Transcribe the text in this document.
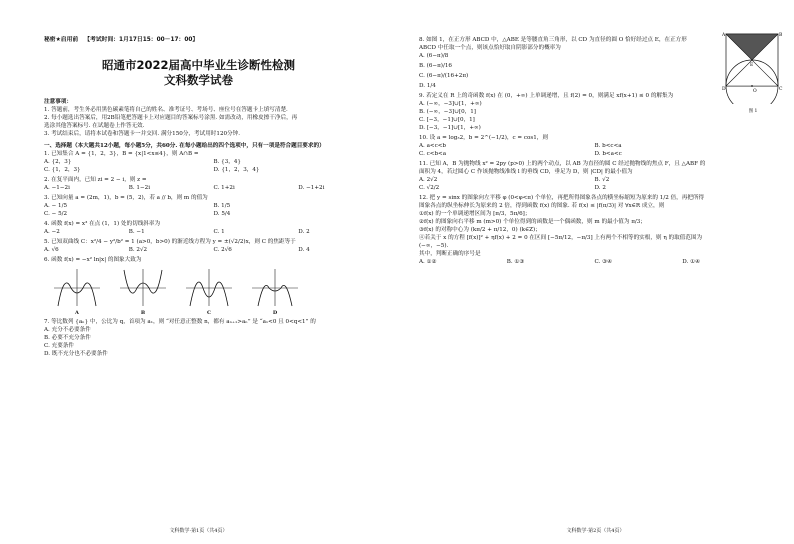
秘密★启用前 【考试时间：1月17日15：00－17：00】
昭通市2022届高中毕业生诊断性检测
文科数学试卷
注意事项：
1. 答题前，考生务必用黑色碳素笔将自己的姓名、准考证号、考场号、座位号在答题卡上填写清楚.
2. 每小题选出答案后，用2B铅笔把答题卡上对应题目的答案标号涂黑. 如需改动，用橡皮擦干净后，再
选涂其他答案标号. 在试题卷上作答无效.
3. 考试结束后，请将本试卷和答题卡一并交回. 满分150分，考试用时120分钟.
一、选择题（本大题共12小题，每小题5分，共60分. 在每小题给出的四个选项中，只有一项是符合题目要求的）
1. 已知集合 A = {1，2，3}，B = {x|1<x≤4}，则 A∩B =
A. {2，3}	B. {3，4}
C. {1，2，3}	D. {1，2，3，4}
2. 在复平面内，已知 zi = 2 − i，则 z =
A. −1−2i	B. 1−2i	C. 1+2i	D. −1+2i
3. 已知向量 a = (2m，1)，b = (5，2)，若 a // b，则 m 的值为
A. − 1/5	B. 1/5
C. − 5/2	D. 5/4
4. 函数 f(x) = x³ 在点 (1，1) 处的切线斜率为
A. −2	B. −1	C. 1	D. 2
5. 已知双曲线 C：x²/4 − y²/b² = 1 (a>0，b>0) 的渐近线方程为 y = ±(√2/2)x，则 C 的焦距等于
A. √6	B. 2√2	C. 2√6	D. 4
6. 函数 f(x) = −x² ln|x| 的图象大致为
A	B	C	D
7. 等比数列 {aₙ} 中，公比为 q，首项为 a₁，则 “对任意正整数 n，都有 aₙ₊₁>aₙ” 是 “a₁<0 且 0<q<1” 的
A. 充分不必要条件
B. 必要不充分条件
C. 充要条件
D. 既不充分也不必要条件
文科数学·第1页（共4页）
A	B
C
D
E
O
图 1
8. 如图 1，在正方形 ABCD 中，△ABE 是等腰直角三角形，以 CD 为直径的圆 O 恰好经过点 E，在正方形
ABCD 中任取一个点，则该点恰好取自阴影部分的概率为
A. (6−π)/8
B. (6−π)/16
C. (6−π)/(16+2π)
D. 1/4
9. 若定义在 R 上的奇函数 f(x) 在 (0，+∞) 上单调递增，且 f(2) = 0，则满足 xf(x+1) ≤ 0 的解集为
A. (−∞，−3]∪[1，+∞)
B. (−∞，−3]∪[0，1]
C. [−3，−1]∪[0，1]
D. [−3，−1]∪[1，+∞)
10. 设 a = log₃2，b = 2^(−1/2)，c = cos1，则
A. a<c<b	B. b<c<a
C. c<b<a	D. b<a<c
11. 已知 A，B 为抛物线 x² = 2py (p>0) 上的两个动点，以 AB 为直径的圆 C 经过抛物线的焦点 F，且 △ABF 的
面积为 4，若过圆心 C 作该抛物线准线 l 的垂线 CD，垂足为 D，则 |CD| 的最小值为
A. 2√2	B. √2
C. √2/2	D. 2
12. 把 y = sinx 的图象向左平移 φ (0<φ<π) 个单位，再把所得图象各点的横坐标缩短为原来的 1/2 倍，再把所得
图象各点的纵坐标伸长为原来的 2 倍，得到函数 f(x) 的图象. 若 f(x) ≤ |f(π/3)| 对 ∀x∈R 成立，则
①f(x) 的一个单调递增区间为 [π/3，5π/6]；
②f(x) 的图象向右平移 m (m>0) 个单位得到的函数是一个偶函数，则 m 的最小值为 π/3；
③f(x) 的对称中心为 (kπ/2 + π/12，0) (k∈Z)；
④若关于 x 的方程 [f(x)]² + ηf(x) + 2 = 0 在区间 [−5π/12，−π/3] 上有两个不相等的实根，则 η 的取值范围为
(−∞，−5).
其中，判断正确的序号是
A. ①②	B. ①③	C. ③④	D. ①④
文科数学·第2页（共4页）
